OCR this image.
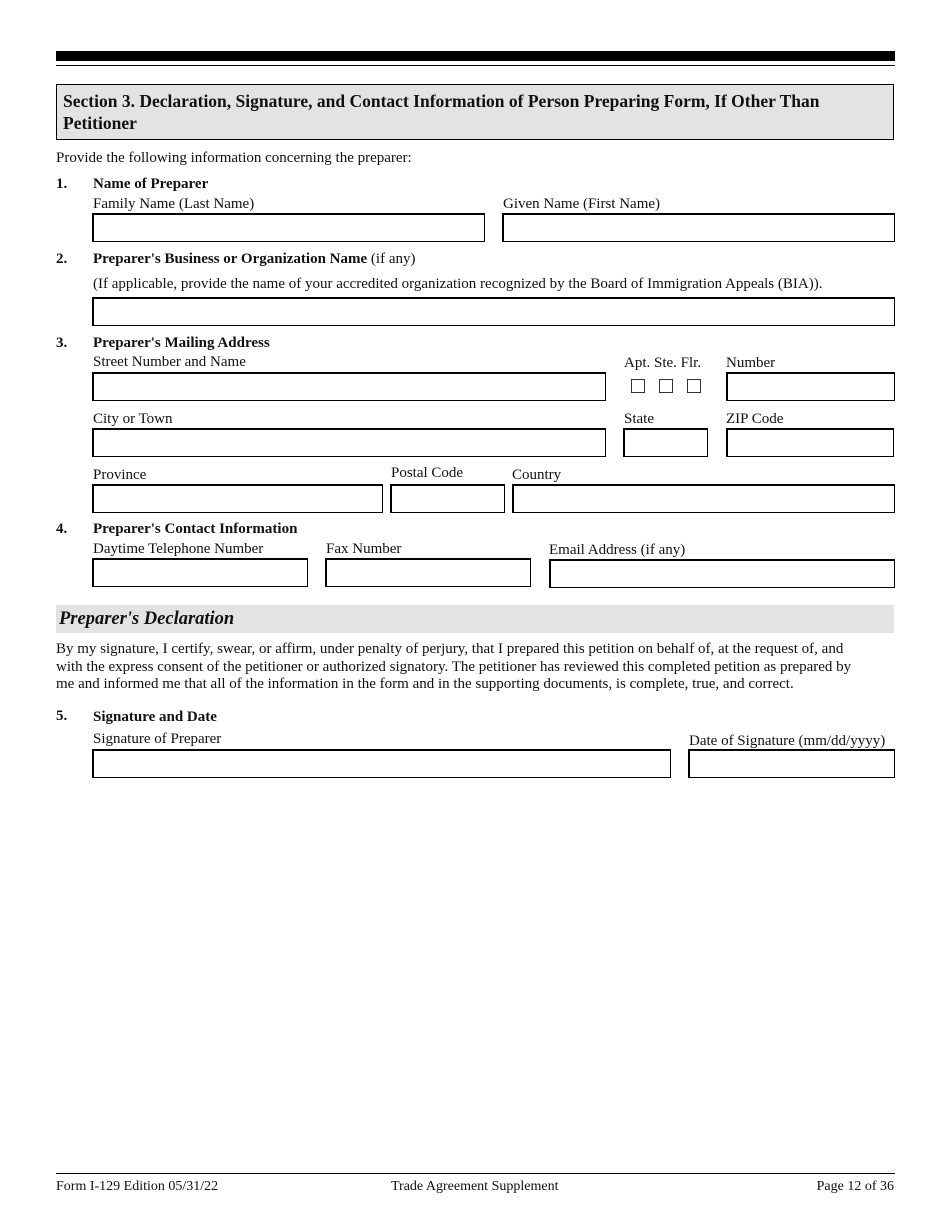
Section 3. Declaration, Signature, and Contact Information of Person Preparing Form, If Other Than Petitioner
Provide the following information concerning the preparer:
1. Name of Preparer
Family Name (Last Name)	Given Name (First Name)
2. Preparer's Business or Organization Name (if any)
(If applicable, provide the name of your accredited organization recognized by the Board of Immigration Appeals (BIA)).
3. Preparer's Mailing Address
Street Number and Name	Apt. Ste. Flr. Number
City or Town	State	ZIP Code
Province	Postal Code	Country
4. Preparer's Contact Information
Daytime Telephone Number	Fax Number	Email Address (if any)
Preparer's Declaration
By my signature, I certify, swear, or affirm, under penalty of perjury, that I prepared this petition on behalf of, at the request of, and
with the express consent of the petitioner or authorized signatory. The petitioner has reviewed this completed petition as prepared by
me and informed me that all of the information in the form and in the supporting documents, is complete, true, and correct.
5. Signature and Date
Signature of Preparer	Date of Signature (mm/dd/yyyy)
Form I-129 Edition 05/31/22	Trade Agreement Supplement	Page 12 of 36
